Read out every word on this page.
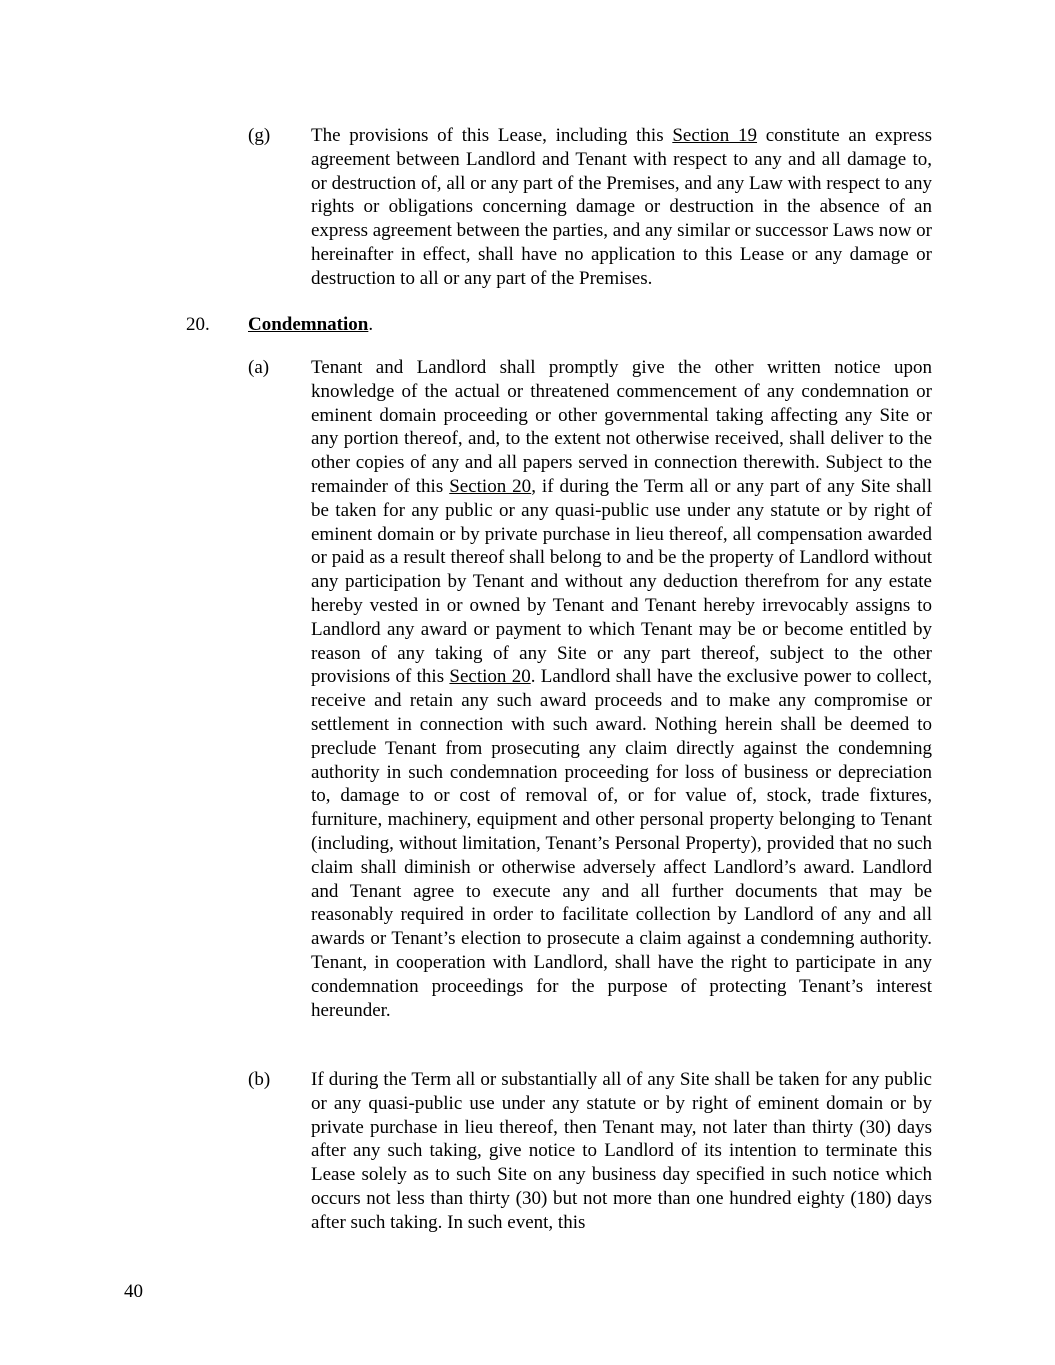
(g) The provisions of this Lease, including this Section 19 constitute an express agreement between Landlord and Tenant with respect to any and all damage to, or destruction of, all or any part of the Premises, and any Law with respect to any rights or obligations concerning damage or destruction in the absence of an express agreement between the parties, and any similar or successor Laws now or hereinafter in effect, shall have no application to this Lease or any damage or destruction to all or any part of the Premises.
20. Condemnation.
(a) Tenant and Landlord shall promptly give the other written notice upon knowledge of the actual or threatened commencement of any condemnation or eminent domain proceeding or other governmental taking affecting any Site or any portion thereof, and, to the extent not otherwise received, shall deliver to the other copies of any and all papers served in connection therewith. Subject to the remainder of this Section 20, if during the Term all or any part of any Site shall be taken for any public or any quasi-public use under any statute or by right of eminent domain or by private purchase in lieu thereof, all compensation awarded or paid as a result thereof shall belong to and be the property of Landlord without any participation by Tenant and without any deduction therefrom for any estate hereby vested in or owned by Tenant and Tenant hereby irrevocably assigns to Landlord any award or payment to which Tenant may be or become entitled by reason of any taking of any Site or any part thereof, subject to the other provisions of this Section 20. Landlord shall have the exclusive power to collect, receive and retain any such award proceeds and to make any compromise or settlement in connection with such award. Nothing herein shall be deemed to preclude Tenant from prosecuting any claim directly against the condemning authority in such condemnation proceeding for loss of business or depreciation to, damage to or cost of removal of, or for value of, stock, trade fixtures, furniture, machinery, equipment and other personal property belonging to Tenant (including, without limitation, Tenant’s Personal Property), provided that no such claim shall diminish or otherwise adversely affect Landlord’s award. Landlord and Tenant agree to execute any and all further documents that may be reasonably required in order to facilitate collection by Landlord of any and all awards or Tenant’s election to prosecute a claim against a condemning authority. Tenant, in cooperation with Landlord, shall have the right to participate in any condemnation proceedings for the purpose of protecting Tenant’s interest hereunder.
(b) If during the Term all or substantially all of any Site shall be taken for any public or any quasi-public use under any statute or by right of eminent domain or by private purchase in lieu thereof, then Tenant may, not later than thirty (30) days after any such taking, give notice to Landlord of its intention to terminate this Lease solely as to such Site on any business day specified in such notice which occurs not less than thirty (30) but not more than one hundred eighty (180) days after such taking. In such event, this
40
